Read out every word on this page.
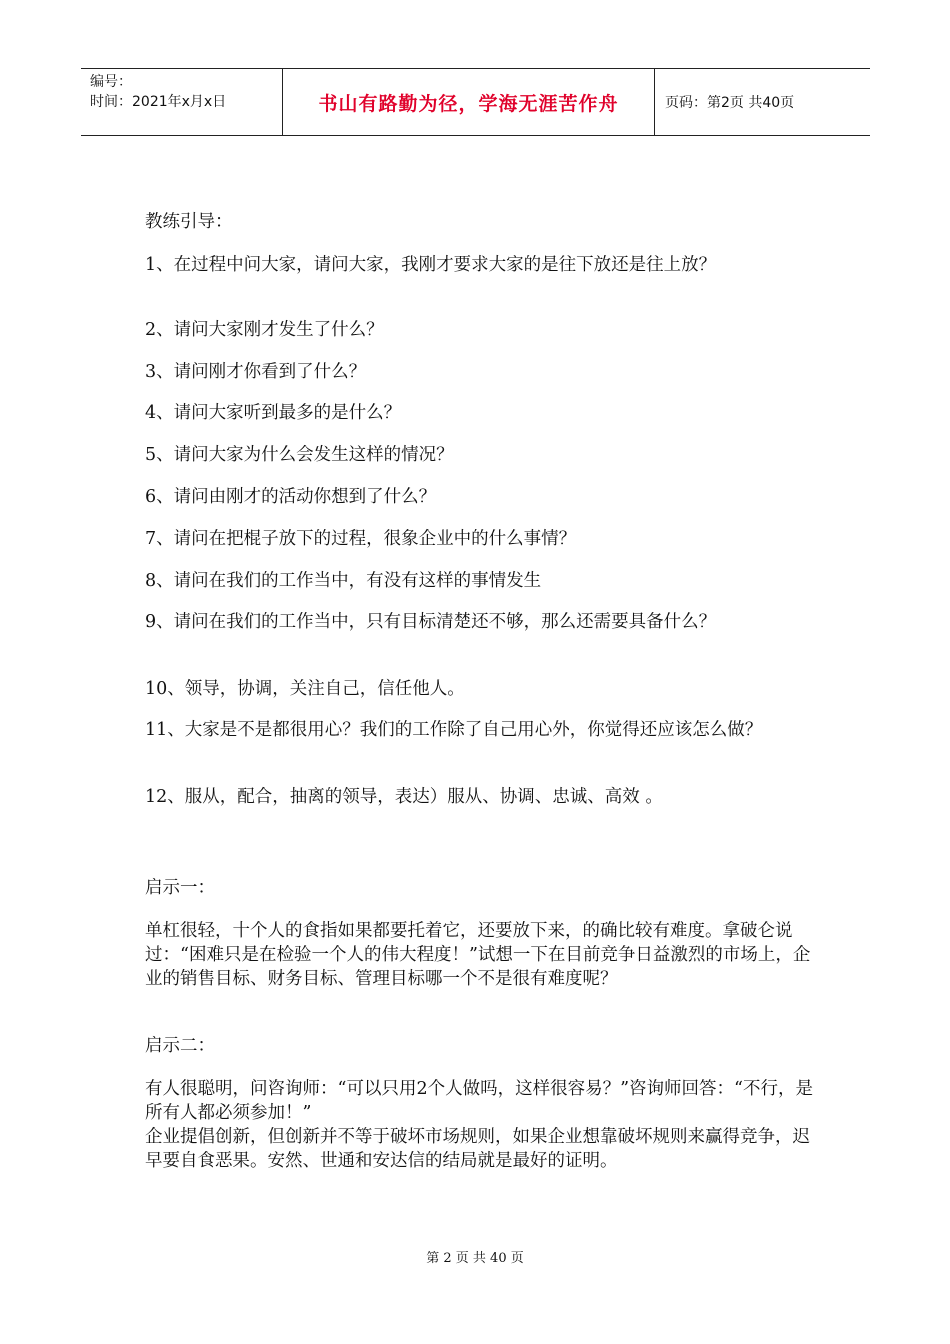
编号：
时间：2021年x月x日	书山有路勤为径，学海无涯苦作舟	页码：第2页 共40页

教练引导：

1、在过程中问大家，请问大家，我刚才要求大家的是往下放还是往上放？

2、请问大家刚才发生了什么？

3、请问刚才你看到了什么？

4、请问大家听到最多的是什么？

5、请问大家为什么会发生这样的情况？

6、请问由刚才的活动你想到了什么？

7、请问在把棍子放下的过程，很象企业中的什么事情？

8、请问在我们的工作当中，有没有这样的事情发生

9、请问在我们的工作当中，只有目标清楚还不够，那么还需要具备什么？

10、领导，协调，关注自己，信任他人。

11、大家是不是都很用心？我们的工作除了自己用心外，你觉得还应该怎么做？

12、服从，配合，抽离的领导，表达）服从、协调、忠诚、高效 。

启示一：

单杠很轻，十个人的食指如果都要托着它，还要放下来，的确比较有难度。拿破仑说过：“困难只是在检验一个人的伟大程度！”试想一下在目前竞争日益激烈的市场上，企业的销售目标、财务目标、管理目标哪一个不是很有难度呢？

启示二：

有人很聪明，问咨询师：“可以只用2个人做吗，这样很容易？”咨询师回答：“不行，是所有人都必须参加！”

企业提倡创新，但创新并不等于破坏市场规则，如果企业想靠破坏规则来赢得竞争，迟早要自食恶果。安然、世通和安达信的结局就是最好的证明。

第 2 页 共 40 页
